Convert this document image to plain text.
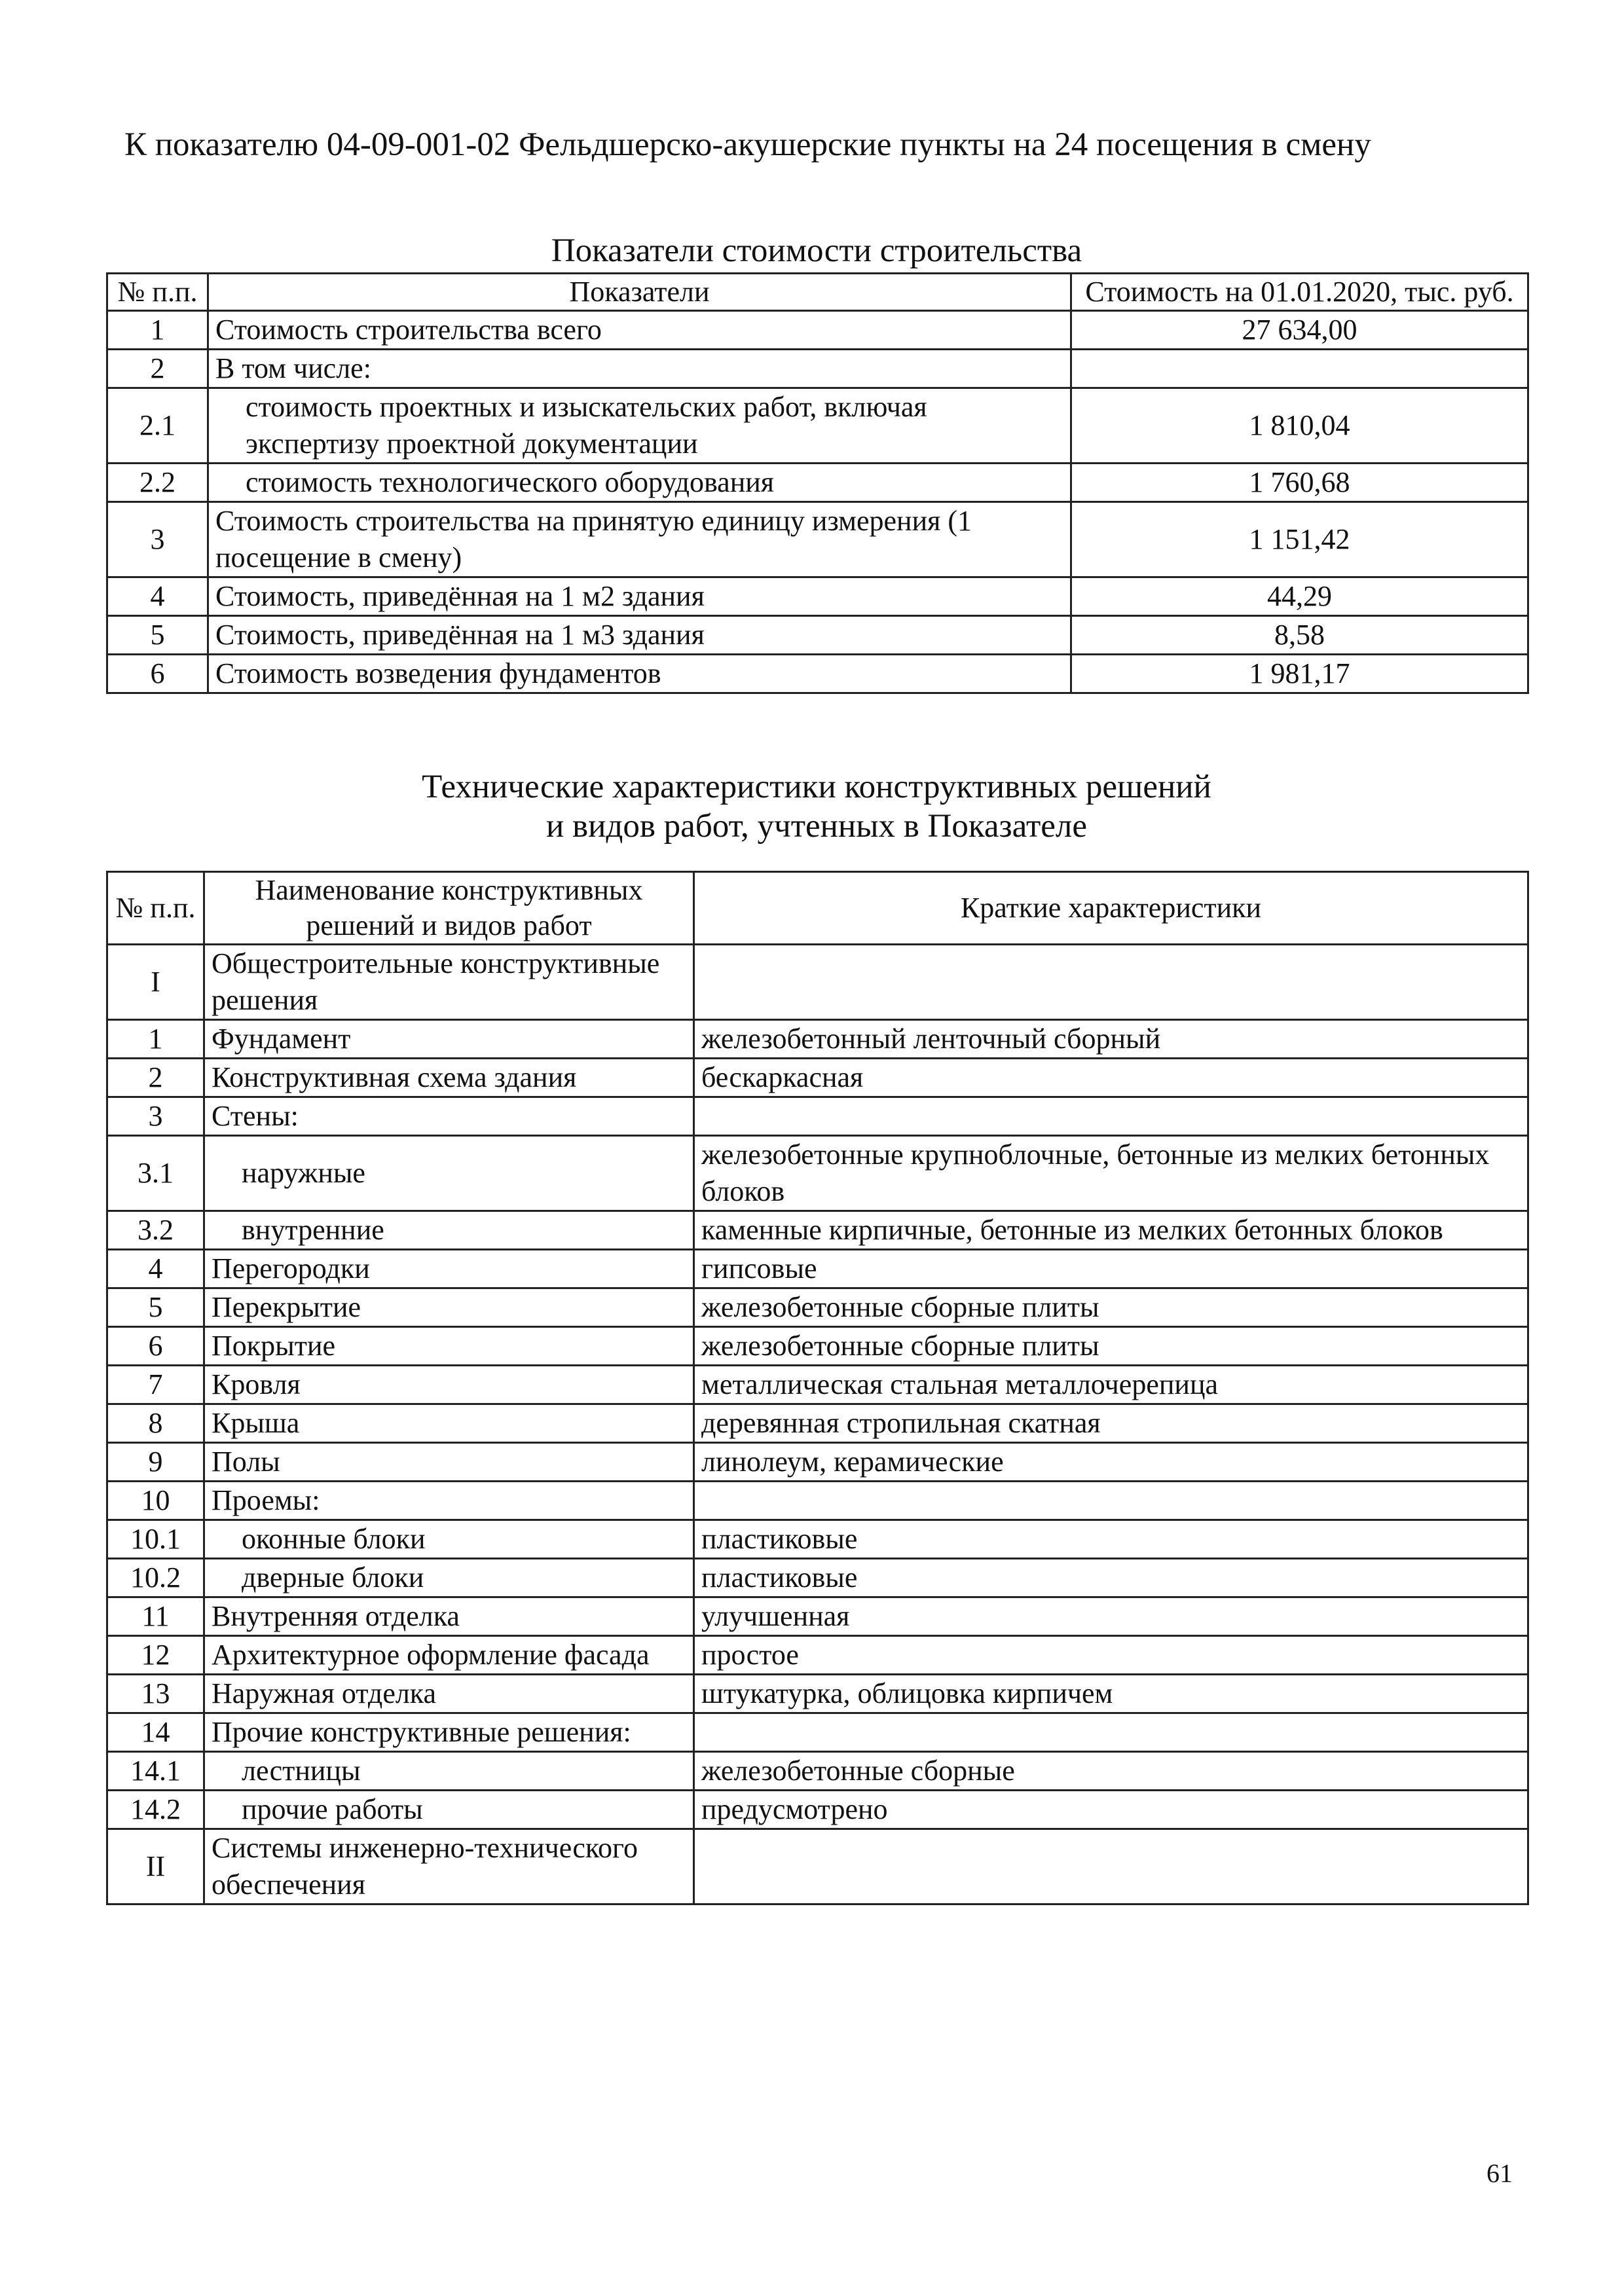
К показателю 04-09-001-02 Фельдшерско-акушерские пункты на 24 посещения в смену
Показатели стоимости строительства
№ п.п.	Показатели	Стоимость на 01.01.2020, тыс. руб.
1	Стоимость строительства всего	27 634,00
2	В том числе:	
2.1	стоимость проектных и изыскательских работ, включая экспертизу проектной документации	1 810,04
2.2	стоимость технологического оборудования	1 760,68
3	Стоимость строительства на принятую единицу измерения (1 посещение в смену)	1 151,42
4	Стоимость, приведённая на 1 м2 здания	44,29
5	Стоимость, приведённая на 1 м3 здания	8,58
6	Стоимость возведения фундаментов	1 981,17
Технические характеристики конструктивных решений
и видов работ, учтенных в Показателе
№ п.п.	Наименование конструктивных решений и видов работ	Краткие характеристики
I	Общестроительные конструктивные решения	
1	Фундамент	железобетонный ленточный сборный
2	Конструктивная схема здания	бескаркасная
3	Стены:	
3.1	наружные	железобетонные крупноблочные, бетонные из мелких бетонных блоков
3.2	внутренние	каменные кирпичные, бетонные из мелких бетонных блоков
4	Перегородки	гипсовые
5	Перекрытие	железобетонные сборные плиты
6	Покрытие	железобетонные сборные плиты
7	Кровля	металлическая стальная металлочерепица
8	Крыша	деревянная стропильная скатная
9	Полы	линолеум, керамические
10	Проемы:	
10.1	оконные блоки	пластиковые
10.2	дверные блоки	пластиковые
11	Внутренняя отделка	улучшенная
12	Архитектурное оформление фасада	простое
13	Наружная отделка	штукатурка, облицовка кирпичем
14	Прочие конструктивные решения:	
14.1	лестницы	железобетонные сборные
14.2	прочие работы	предусмотрено
II	Системы инженерно-технического обеспечения	
61
